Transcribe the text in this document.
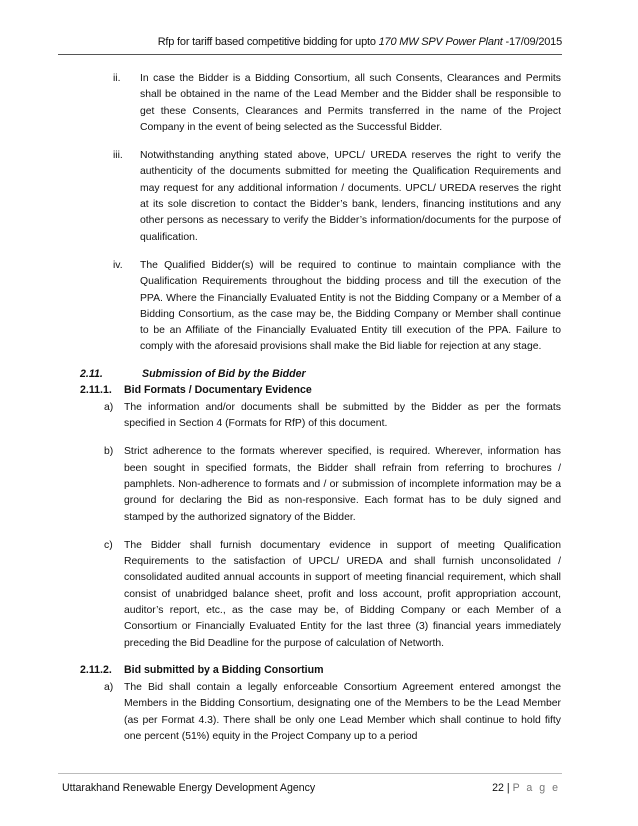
Rfp for tariff based competitive bidding for upto 170 MW SPV Power Plant -17/09/2015
ii. In case the Bidder is a Bidding Consortium, all such Consents, Clearances and Permits shall be obtained in the name of the Lead Member and the Bidder shall be responsible to get these Consents, Clearances and Permits transferred in the name of the Project Company in the event of being selected as the Successful Bidder.
iii. Notwithstanding anything stated above, UPCL/ UREDA reserves the right to verify the authenticity of the documents submitted for meeting the Qualification Requirements and may request for any additional information / documents. UPCL/ UREDA reserves the right at its sole discretion to contact the Bidder’s bank, lenders, financing institutions and any other persons as necessary to verify the Bidder’s information/documents for the purpose of qualification.
iv. The Qualified Bidder(s) will be required to continue to maintain compliance with the Qualification Requirements throughout the bidding process and till the execution of the PPA. Where the Financially Evaluated Entity is not the Bidding Company or a Member of a Bidding Consortium, as the case may be, the Bidding Company or Member shall continue to be an Affiliate of the Financially Evaluated Entity till execution of the PPA. Failure to comply with the aforesaid provisions shall make the Bid liable for rejection at any stage.
2.11.	Submission of Bid by the Bidder
2.11.1. Bid Formats / Documentary Evidence
a) The information and/or documents shall be submitted by the Bidder as per the formats specified in Section 4 (Formats for RfP) of this document.
b) Strict adherence to the formats wherever specified, is required. Wherever, information has been sought in specified formats, the Bidder shall refrain from referring to brochures / pamphlets. Non-adherence to formats and / or submission of incomplete information may be a ground for declaring the Bid as non-responsive. Each format has to be duly signed and stamped by the authorized signatory of the Bidder.
c) The Bidder shall furnish documentary evidence in support of meeting Qualification Requirements to the satisfaction of UPCL/ UREDA and shall furnish unconsolidated / consolidated audited annual accounts in support of meeting financial requirement, which shall consist of unabridged balance sheet, profit and loss account, profit appropriation account, auditor’s report, etc., as the case may be, of Bidding Company or each Member of a Consortium or Financially Evaluated Entity for the last three (3) financial years immediately preceding the Bid Deadline for the purpose of calculation of Networth.
2.11.2. Bid submitted by a Bidding Consortium
a) The Bid shall contain a legally enforceable Consortium Agreement entered amongst the Members in the Bidding Consortium, designating one of the Members to be the Lead Member (as per Format 4.3). There shall be only one Lead Member which shall continue to hold fifty one percent (51%) equity in the Project Company up to a period
Uttarakhand Renewable Energy Development Agency	22 | P a g e
